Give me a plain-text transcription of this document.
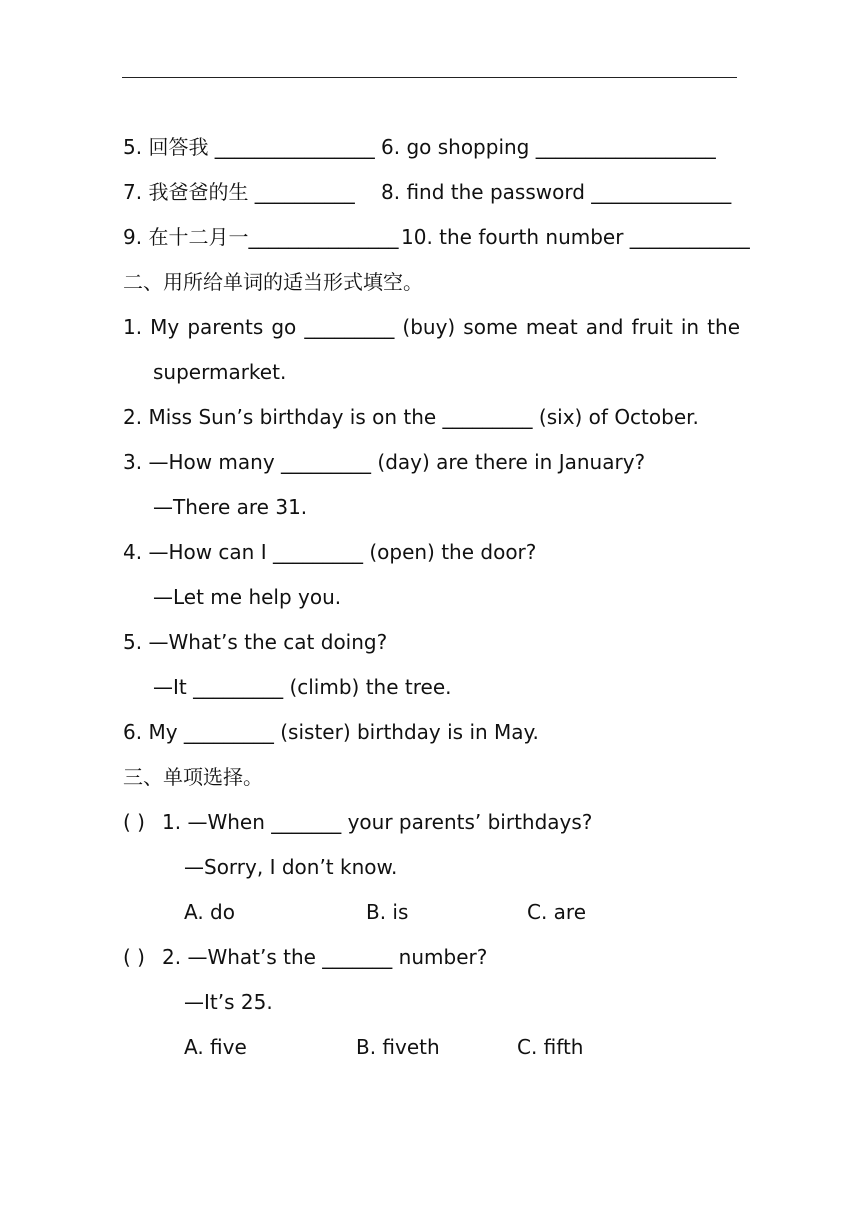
5. 回答我 ________________ 6. go shopping __________________
7. 我爸爸的生 __________ 8. find the password ______________
9. 在十二月一_______________ 10. the fourth number ____________
二、用所给单词的适当形式填空。
1. My parents go _________ (buy) some meat and fruit in the
supermarket.
2. Miss Sun’s birthday is on the _________ (six) of October.
3. —How many _________ (day) are there in January?
—There are 31.
4. —How can I _________ (open) the door?
—Let me help you.
5. —What’s the cat doing?
—It _________ (climb) the tree.
6. My _________ (sister) birthday is in May.
三、单项选择。
( ) 1. —When _______ your parents’ birthdays?
—Sorry, I don’t know.
A. do	B. is	C. are
( ) 2. —What’s the _______ number?
—It’s 25.
A. five	B. fiveth	C. fifth
